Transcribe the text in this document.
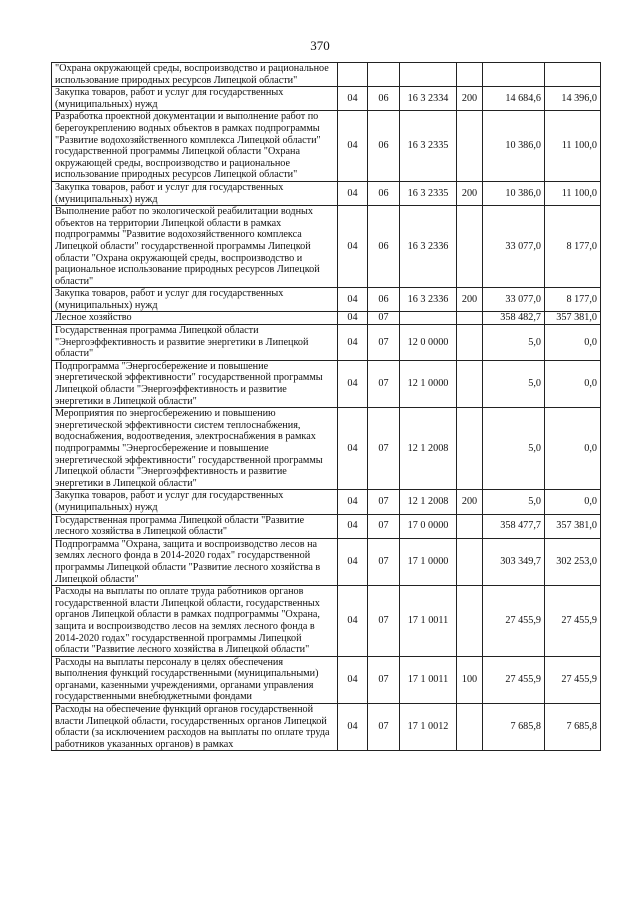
370
"Охрана окружающей среды, воспроизводство и рациональное использование природных ресурсов Липецкой области"						
Закупка товаров, работ и услуг для государственных (муниципальных) нужд	04	06	16 3 2334	200	14 684,6	14 396,0
Разработка проектной документации и выполнение работ по берегоукреплению водных объектов в рамках подпрограммы "Развитие водохозяйственного комплекса Липецкой области" государственной программы Липецкой области "Охрана окружающей среды, воспроизводство и рациональное использование природных ресурсов Липецкой области"	04	06	16 3 2335		10 386,0	11 100,0
Закупка товаров, работ и услуг для государственных (муниципальных) нужд	04	06	16 3 2335	200	10 386,0	11 100,0
Выполнение работ по экологической реабилитации водных объектов на территории Липецкой области в рамках подпрограммы "Развитие водохозяйственного комплекса Липецкой области" государственной программы Липецкой области "Охрана окружающей среды, воспроизводство и рациональное использование природных ресурсов Липецкой области"	04	06	16 3 2336		33 077,0	8 177,0
Закупка товаров, работ и услуг для государственных (муниципальных) нужд	04	06	16 3 2336	200	33 077,0	8 177,0
Лесное хозяйство	04	07			358 482,7	357 381,0
Государственная программа Липецкой области "Энергоэффективность и развитие энергетики в Липецкой области"	04	07	12 0 0000		5,0	0,0
Подпрограмма "Энергосбережение и повышение энергетической эффективности" государственной программы Липецкой области "Энергоэффективность и развитие энергетики в Липецкой области"	04	07	12 1 0000		5,0	0,0
Мероприятия по энергосбережению и повышению энергетической эффективности систем теплоснабжения, водоснабжения, водоотведения, электроснабжения в рамках подпрограммы "Энергосбережение и повышение энергетической эффективности" государственной программы Липецкой области "Энергоэффективность и развитие энергетики в Липецкой области"	04	07	12 1 2008		5,0	0,0
Закупка товаров, работ и услуг для государственных (муниципальных) нужд	04	07	12 1 2008	200	5,0	0,0
Государственная программа Липецкой области "Развитие лесного хозяйства в Липецкой области"	04	07	17 0 0000		358 477,7	357 381,0
Подпрограмма "Охрана, защита и воспроизводство лесов на землях лесного фонда в 2014-2020 годах" государственной программы Липецкой области "Развитие лесного хозяйства в Липецкой области"	04	07	17 1 0000		303 349,7	302 253,0
Расходы на выплаты по оплате труда работников органов государственной власти Липецкой области, государственных органов Липецкой области в рамках подпрограммы "Охрана, защита и воспроизводство лесов на землях лесного фонда в 2014-2020 годах" государственной программы Липецкой области "Развитие лесного хозяйства в Липецкой области"	04	07	17 1 0011		27 455,9	27 455,9
Расходы на выплаты персоналу в целях обеспечения выполнения функций государственными (муниципальными) органами, казенными учреждениями, органами управления государственными внебюджетными фондами	04	07	17 1 0011	100	27 455,9	27 455,9
Расходы на обеспечение функций органов государственной власти Липецкой области, государственных органов Липецкой области (за исключением расходов на выплаты по оплате труда работников указанных органов) в рамках	04	07	17 1 0012		7 685,8	7 685,8
